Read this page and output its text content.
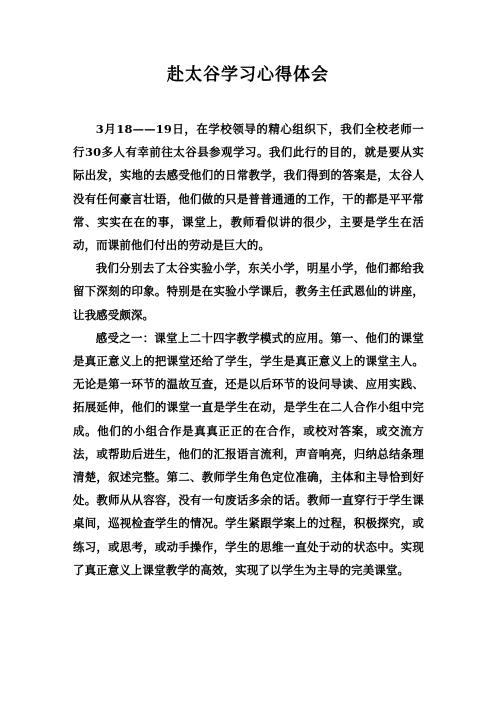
赴太谷学习心得体会

3月18——19日，在学校领导的精心组织下，我们全校老师一行30多人有幸前往太谷县参观学习。我们此行的目的，就是要从实际出发，实地的去感受他们的日常教学，我们得到的答案是，太谷人没有任何豪言壮语，他们做的只是普普通通的工作，干的都是平平常常、实实在在的事，课堂上，教师看似讲的很少，主要是学生在活动，而课前他们付出的劳动是巨大的。

我们分别去了太谷实验小学，东关小学，明星小学，他们都给我留下深刻的印象。特别是在实验小学课后，教务主任武恩仙的讲座，让我感受颇深。

感受之一：课堂上二十四字教学模式的应用。第一、他们的课堂是真正意义上的把课堂还给了学生，学生是真正意义上的课堂主人。无论是第一环节的温故互查，还是以后环节的设问导读、应用实践、拓展延伸，他们的课堂一直是学生在动，是学生在二人合作小组中完成。他们的小组合作是真真正正的在合作，或校对答案，或交流方法，或帮助后进生，他们的汇报语言流利，声音响亮，归纳总结条理清楚，叙述完整。第二、教师学生角色定位准确，主体和主导恰到好处。教师从从容容，没有一句废话多余的话。教师一直穿行于学生课桌间，巡视检查学生的情况。学生紧跟学案上的过程，积极探究，或练习，或思考，或动手操作，学生的思维一直处于动的状态中。实现了真正意义上课堂教学的高效，实现了以学生为主导的完美课堂。
